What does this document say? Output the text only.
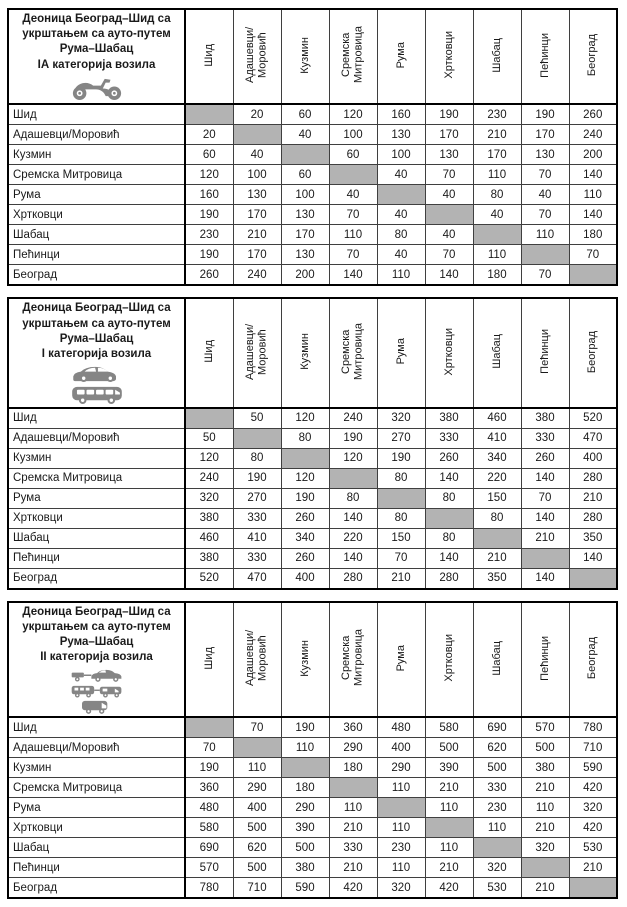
Деоница Београд–Шид са укрштањем са ауто-путем Рума–Шабац
IА категорија возила	Шид	Адашевци/​Моровић	Кузмин	Сремска Митровица	Рума	Хртковци	Шабац	Пећинци	Београд
Шид		20	60	120	160	190	230	190	260
Адашевци/Моровић	20		40	100	130	170	210	170	240
Кузмин	60	40		60	100	130	170	130	200
Сремска Митровица	120	100	60		40	70	110	70	140
Рума	160	130	100	40		40	80	40	110
Хртковци	190	170	130	70	40		40	70	140
Шабац	230	210	170	110	80	40		110	180
Пећинци	190	170	130	70	40	70	110		70
Београд	260	240	200	140	110	140	180	70	
Деоница Београд–Шид са укрштањем са ауто-путем Рума–Шабац
I категорија возила	Шид	Адашевци/​Моровић	Кузмин	Сремска Митровица	Рума	Хртковци	Шабац	Пећинци	Београд
Шид		50	120	240	320	380	460	380	520
Адашевци/Моровић	50		80	190	270	330	410	330	470
Кузмин	120	80		120	190	260	340	260	400
Сремска Митровица	240	190	120		80	140	220	140	280
Рума	320	270	190	80		80	150	70	210
Хртковци	380	330	260	140	80		80	140	280
Шабац	460	410	340	220	150	80		210	350
Пећинци	380	330	260	140	70	140	210		140
Београд	520	470	400	280	210	280	350	140	
Деоница Београд–Шид са укрштањем са ауто-путем Рума–Шабац
II категорија возила	Шид	Адашевци/​Моровић	Кузмин	Сремска Митровица	Рума	Хртковци	Шабац	Пећинци	Београд
Шид		70	190	360	480	580	690	570	780
Адашевци/Моровић	70		110	290	400	500	620	500	710
Кузмин	190	110		180	290	390	500	380	590
Сремска Митровица	360	290	180		110	210	330	210	420
Рума	480	400	290	110		110	230	110	320
Хртковци	580	500	390	210	110		110	210	420
Шабац	690	620	500	330	230	110		320	530
Пећинци	570	500	380	210	110	210	320		210
Београд	780	710	590	420	320	420	530	210	
